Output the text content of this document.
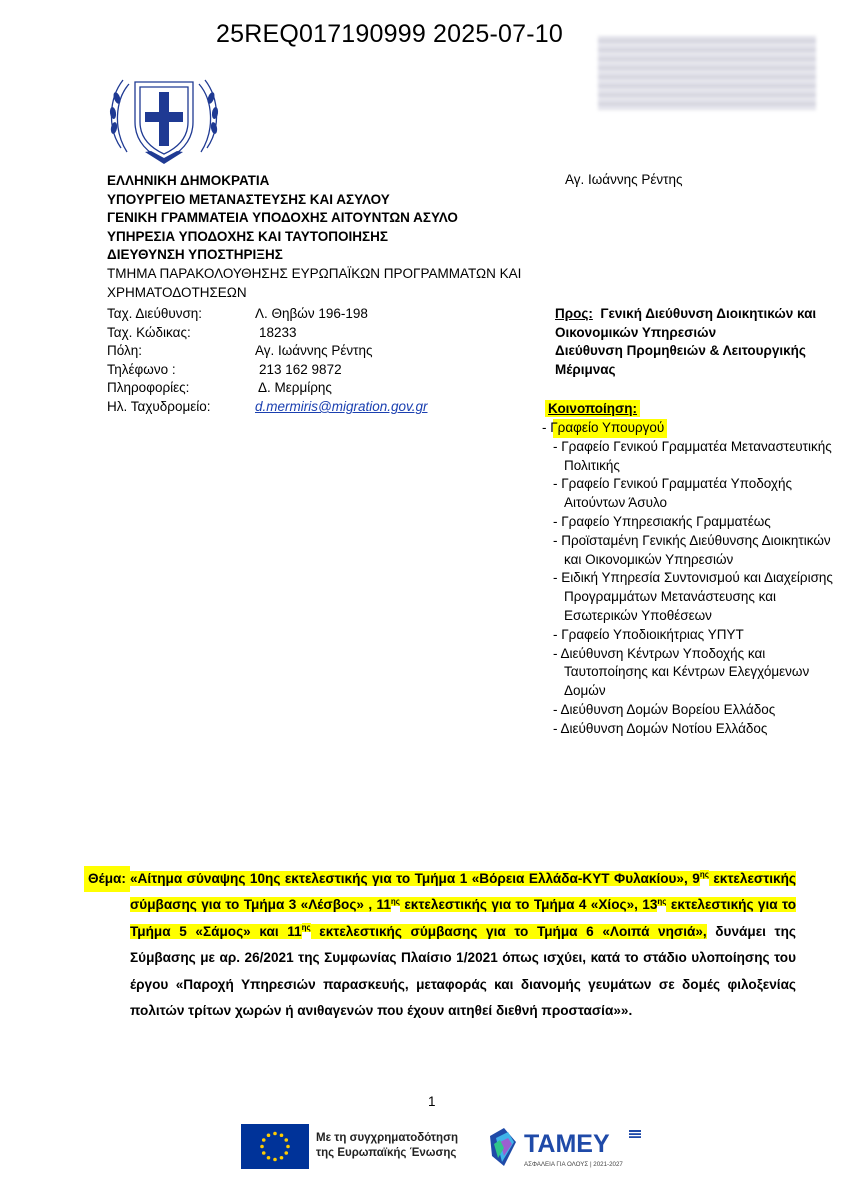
25REQ017190999 2025-07-10
ΕΛΛΗΝΙΚΗ ΔΗΜΟΚΡΑΤΙΑ
ΥΠΟΥΡΓΕΙΟ ΜΕΤΑΝΑΣΤΕΥΣΗΣ ΚΑΙ ΑΣΥΛΟΥ
ΓΕΝΙΚΗ ΓΡΑΜΜΑΤΕΙΑ ΥΠΟΔΟΧΗΣ ΑΙΤΟΥΝΤΩΝ ΑΣΥΛΟ
ΥΠΗΡΕΣΙΑ ΥΠΟΔΟΧΗΣ ΚΑΙ ΤΑΥΤΟΠΟΙΗΣΗΣ
ΔΙΕΥΘΥΝΣΗ ΥΠΟΣΤΗΡΙΞΗΣ
ΤΜΗΜΑ ΠΑΡΑΚΟΛΟΥΘΗΣΗΣ ΕΥΡΩΠΑΪΚΩΝ ΠΡΟΓΡΑΜΜΑΤΩΝ ΚΑΙ ΧΡΗΜΑΤΟΔΟΤΗΣΕΩΝ
Αγ. Ιωάννης Ρέντης
Ταχ. Διεύθυνση:	Λ. Θηβών 196-198
Ταχ. Κώδικας:	18233
Πόλη:	Αγ. Ιωάννης Ρέντης
Τηλέφωνο :	213 162 9872
Πληροφορίες:	Δ. Μερμίρης
Ηλ. Ταχυδρομείο:	d.mermiris@migration.gov.gr
Προς: Γενική Διεύθυνση Διοικητικών και Οικονομικών Υπηρεσιών
Διεύθυνση Προμηθειών & Λειτουργικής Μέριμνας
Κοινοποίηση:
- Γραφείο Υπουργού
- Γραφείο Γενικού Γραμματέα Μεταναστευτικής Πολιτικής
- Γραφείο Γενικού Γραμματέα Υποδοχής Αιτούντων Άσυλο
- Γραφείο Υπηρεσιακής Γραμματέως
- Προϊσταμένη Γενικής Διεύθυνσης Διοικητικών και Οικονομικών Υπηρεσιών
- Ειδική Υπηρεσία Συντονισμού και Διαχείρισης Προγραμμάτων Μετανάστευσης και Εσωτερικών Υποθέσεων
- Γραφείο Υποδιοικήτριας ΥΠΥΤ
- Διεύθυνση Κέντρων Υποδοχής και Ταυτοποίησης και Κέντρων Ελεγχόμενων Δομών
- Διεύθυνση Δομών Βορείου Ελλάδος
- Διεύθυνση Δομών Νοτίου Ελλάδος
Θέμα: «Αίτημα σύναψης 10ης εκτελεστικής για το Τμήμα 1 «Βόρεια Ελλάδα-ΚΥΤ Φυλακίου», $9^{\eta\varsigma}$ εκτελεστικής σύμβασης για το Τμήμα 3 «Λέσβος» , $11^{\eta\varsigma}$ εκτελεστικής για το Τμήμα 4 «Χίος», $13^{\eta\varsigma}$ εκτελεστικής για το Τμήμα 5 «Σάμος» και $11^{\eta\varsigma}$ εκτελεστικής σύμβασης για το Τμήμα 6 «Λοιπά νησιά», δυνάμει της Σύμβασης με αρ. 26/2021 της Συμφωνίας Πλαίσιο 1/2021 όπως ισχύει, κατά το στάδιο υλοποίησης του έργου «Παροχή Υπηρεσιών παρασκευής, μεταφοράς και διανομής γευμάτων σε δομές φιλοξενίας πολιτών τρίτων χωρών ή ανιθαγενών που έχουν αιτηθεί διεθνή προστασία»».
1
Με τη συγχρηματοδότηση
της Ευρωπαϊκής Ένωσης	ΤΑΜΕΥ
ΑΣΦΑΛΕΙΑ ΓΙΑ ΟΛΟΥΣ | 2021-2027
